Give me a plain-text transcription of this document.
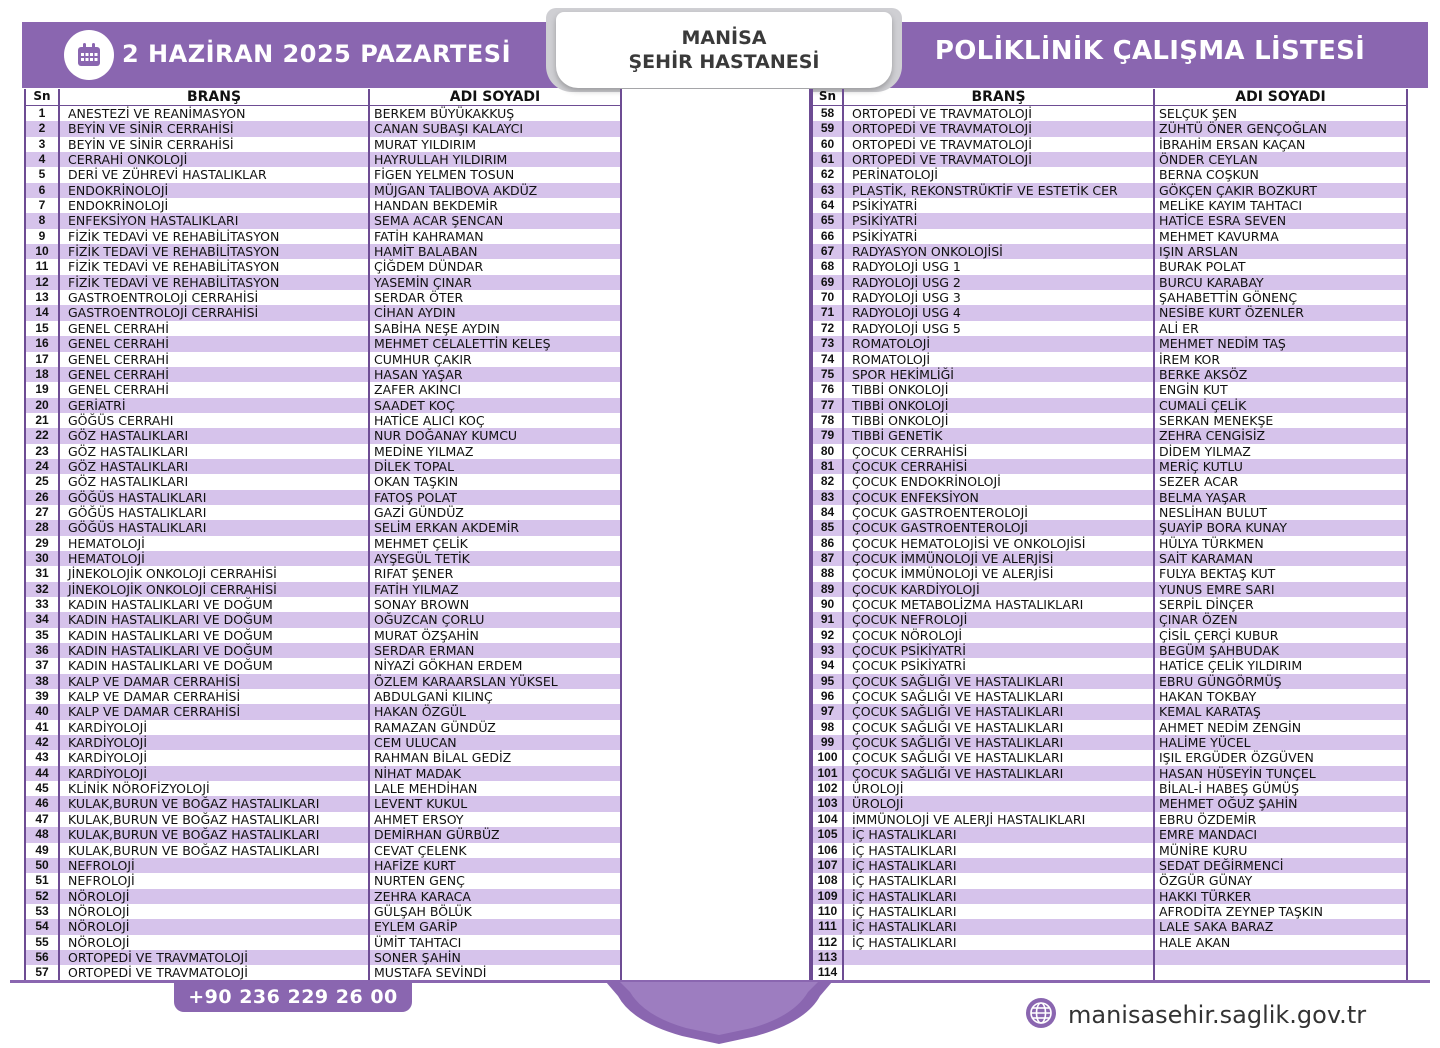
2 HAZİRAN 2025 PAZARTESİ	POLİKLİNİK ÇALIŞMA LİSTESİ
MANİSA
ŞEHİR HASTANESİ
Sn	BRANŞ	ADI SOYADI
1	ANESTEZİ VE REANİMASYON	BERKEM BÜYÜKAKKUŞ
2	BEYİN VE SİNİR CERRAHİSİ	CANAN SUBAŞI KALAYCI
3	BEYİN VE SİNİR CERRAHİSİ	MURAT YILDIRIM
4	CERRAHİ ONKOLOJİ	HAYRULLAH YILDIRIM
5	DERİ VE ZÜHREVİ HASTALIKLAR	FİGEN YELMEN TOSUN
6	ENDOKRİNOLOJİ	MÜJGAN TALIBOVA AKDÜZ
7	ENDOKRİNOLOJİ	HANDAN BEKDEMİR
8	ENFEKSİYON HASTALIKLARI	SEMA ACAR ŞENCAN
9	FİZİK TEDAVİ VE REHABİLİTASYON	FATİH KAHRAMAN
10	FİZİK TEDAVİ VE REHABİLİTASYON	HAMİT BALABAN
11	FİZİK TEDAVİ VE REHABİLİTASYON	ÇİĞDEM DÜNDAR
12	FİZİK TEDAVİ VE REHABİLİTASYON	YASEMİN ÇINAR
13	GASTROENTROLOJİ CERRAHİSİ	SERDAR ÖTER
14	GASTROENTROLOJİ CERRAHİSİ	CİHAN AYDIN
15	GENEL CERRAHİ	SABİHA NEŞE AYDIN
16	GENEL CERRAHİ	MEHMET CELALETTİN KELEŞ
17	GENEL CERRAHİ	CUMHUR ÇAKIR
18	GENEL CERRAHİ	HASAN YAŞAR
19	GENEL CERRAHİ	ZAFER AKINCI
20	GERİATRİ	SAADET KOÇ
21	GÖĞÜS CERRAHI	HATİCE ALICI KOÇ
22	GÖZ HASTALIKLARI	NUR DOĞANAY KUMCU
23	GÖZ HASTALIKLARI	MEDİNE YILMAZ
24	GÖZ HASTALIKLARI	DİLEK TOPAL
25	GÖZ HASTALIKLARI	OKAN TAŞKIN
26	GÖĞÜS HASTALIKLARI	FATOŞ POLAT
27	GÖĞÜS HASTALIKLARI	GAZİ GÜNDÜZ
28	GÖĞÜS HASTALIKLARI	SELİM ERKAN AKDEMİR
29	HEMATOLOJİ	MEHMET ÇELİK
30	HEMATOLOJİ	AYŞEGÜL TETİK
31	JİNEKOLOJİK ONKOLOJİ CERRAHİSİ	RIFAT ŞENER
32	JİNEKOLOJİK ONKOLOJİ CERRAHİSİ	FATİH YILMAZ
33	KADIN HASTALIKLARI VE DOĞUM	SONAY BROWN
34	KADIN HASTALIKLARI VE DOĞUM	OĞUZCAN ÇORLU
35	KADIN HASTALIKLARI VE DOĞUM	MURAT ÖZŞAHİN
36	KADIN HASTALIKLARI VE DOĞUM	SERDAR ERMAN
37	KADIN HASTALIKLARI VE DOĞUM	NİYAZİ GÖKHAN ERDEM
38	KALP VE DAMAR CERRAHİSİ	ÖZLEM KARAARSLAN YÜKSEL
39	KALP VE DAMAR CERRAHİSİ	ABDULGANİ KILINÇ
40	KALP VE DAMAR CERRAHİSİ	HAKAN ÖZGÜL
41	KARDİYOLOJİ	RAMAZAN GÜNDÜZ
42	KARDİYOLOJİ	CEM ULUCAN
43	KARDİYOLOJİ	RAHMAN BİLAL GEDİZ
44	KARDİYOLOJİ	NİHAT MADAK
45	KLİNİK NÖROFİZYOLOJİ	LALE MEHDİHAN
46	KULAK,BURUN VE BOĞAZ HASTALIKLARI	LEVENT KUKUL
47	KULAK,BURUN VE BOĞAZ HASTALIKLARI	AHMET ERSOY
48	KULAK,BURUN VE BOĞAZ HASTALIKLARI	DEMİRHAN GÜRBÜZ
49	KULAK,BURUN VE BOĞAZ HASTALIKLARI	CEVAT ÇELENK
50	NEFROLOJİ	HAFİZE KURT
51	NEFROLOJİ	NURTEN GENÇ
52	NÖROLOJİ	ZEHRA KARACA
53	NÖROLOJİ	GÜLŞAH BÖLÜK
54	NÖROLOJİ	EYLEM GARİP
55	NÖROLOJİ	ÜMİT TAHTACI
56	ORTOPEDİ VE TRAVMATOLOJİ	SONER ŞAHİN
57	ORTOPEDİ VE TRAVMATOLOJİ	MUSTAFA SEVİNDİ
Sn	BRANŞ	ADI SOYADI
58	ORTOPEDİ VE TRAVMATOLOJİ	SELÇUK ŞEN
59	ORTOPEDİ VE TRAVMATOLOJİ	ZÜHTÜ ÖNER GENÇOĞLAN
60	ORTOPEDİ VE TRAVMATOLOJİ	İBRAHİM ERSAN KAÇAN
61	ORTOPEDİ VE TRAVMATOLOJİ	ÖNDER CEYLAN
62	PERİNATOLOJİ	BERNA COŞKUN
63	PLASTİK, REKONSTRÜKTİF VE ESTETİK CER	GÖKÇEN ÇAKIR BOZKURT
64	PSİKİYATRİ	MELİKE KAYIM TAHTACI
65	PSİKİYATRİ	HATİCE ESRA SEVEN
66	PSİKİYATRİ	MEHMET KAVURMA
67	RADYASYON ONKOLOJİSİ	IŞIN ARSLAN
68	RADYOLOJİ USG 1	BURAK POLAT
69	RADYOLOJİ USG 2	BURCU KARABAY
70	RADYOLOJİ USG 3	ŞAHABETTİN GÖNENÇ
71	RADYOLOJİ USG 4	NESİBE KURT ÖZENLER
72	RADYOLOJİ USG 5	ALİ ER
73	ROMATOLOJİ	MEHMET NEDİM TAŞ
74	ROMATOLOJİ	İREM KOR
75	SPOR HEKİMLİĞİ	BERKE AKSÖZ
76	TIBBİ ONKOLOJİ	ENGİN KUT
77	TIBBİ ONKOLOJİ	CUMALİ ÇELİK
78	TIBBİ ONKOLOJİ	SERKAN MENEKŞE
79	TIBBİ GENETİK	ZEHRA CENGİSİZ
80	ÇOCUK CERRAHİSİ	DİDEM YILMAZ
81	ÇOCUK CERRAHİSİ	MERİÇ KUTLU
82	ÇOCUK ENDOKRİNOLOJİ	SEZER ACAR
83	ÇOCUK ENFEKSİYON	BELMA YAŞAR
84	ÇOCUK GASTROENTEROLOJİ	NESLİHAN BULUT
85	ÇOCUK GASTROENTEROLOJİ	ŞUAYİP BORA KUNAY
86	ÇOCUK HEMATOLOJİSİ VE ONKOLOJİSİ	HÜLYA TÜRKMEN
87	ÇOCUK İMMÜNOLOJİ VE ALERJİSİ	SAİT KARAMAN
88	ÇOCUK İMMÜNOLOJİ VE ALERJİSİ	FULYA BEKTAŞ KUT
89	ÇOCUK KARDİYOLOJİ	YUNUS EMRE SARI
90	ÇOCUK METABOLİZMA HASTALIKLARI	SERPİL DİNÇER
91	ÇOCUK NEFROLOJİ	ÇINAR ÖZEN
92	ÇOCUK NÖROLOJİ	ÇİSİL ÇERÇİ KUBUR
93	ÇOCUK PSİKİYATRİ	BEGÜM ŞAHBUDAK
94	ÇOCUK PSİKİYATRİ	HATİCE ÇELİK YILDIRIM
95	ÇOCUK SAĞLIĞI VE HASTALIKLARI	EBRU GÜNGÖRMÜŞ
96	ÇOCUK SAĞLIĞI VE HASTALIKLARI	HAKAN TOKBAY
97	ÇOCUK SAĞLIĞI VE HASTALIKLARI	KEMAL KARATAŞ
98	ÇOCUK SAĞLIĞI VE HASTALIKLARI	AHMET NEDİM ZENGİN
99	ÇOCUK SAĞLIĞI VE HASTALIKLARI	HALİME YÜCEL
100	ÇOCUK SAĞLIĞI VE HASTALIKLARI	IŞIL ERGÜDER ÖZGÜVEN
101	ÇOCUK SAĞLIĞI VE HASTALIKLARI	HASAN HÜSEYİN TUNÇEL
102	ÜROLOJİ	BİLAL-İ HABEŞ GÜMÜŞ
103	ÜROLOJİ	MEHMET OĞUZ ŞAHİN
104	İMMÜNOLOJİ VE ALERJİ HASTALIKLARI	EBRU ÖZDEMİR
105	İÇ HASTALIKLARI	EMRE MANDACI
106	İÇ HASTALIKLARI	MÜNİRE KURU
107	İÇ HASTALIKLARI	SEDAT DEĞİRMENCİ
108	İÇ HASTALIKLARI	ÖZGÜR GÜNAY
109	İÇ HASTALIKLARI	HAKKI TÜRKER
110	İÇ HASTALIKLARI	AFRODİTA ZEYNEP TAŞKIN
111	İÇ HASTALIKLARI	LALE SAKA BARAZ
112	İÇ HASTALIKLARI	HALE AKAN
113
114
+90 236 229 26 00
manisasehir.saglik.gov.tr
